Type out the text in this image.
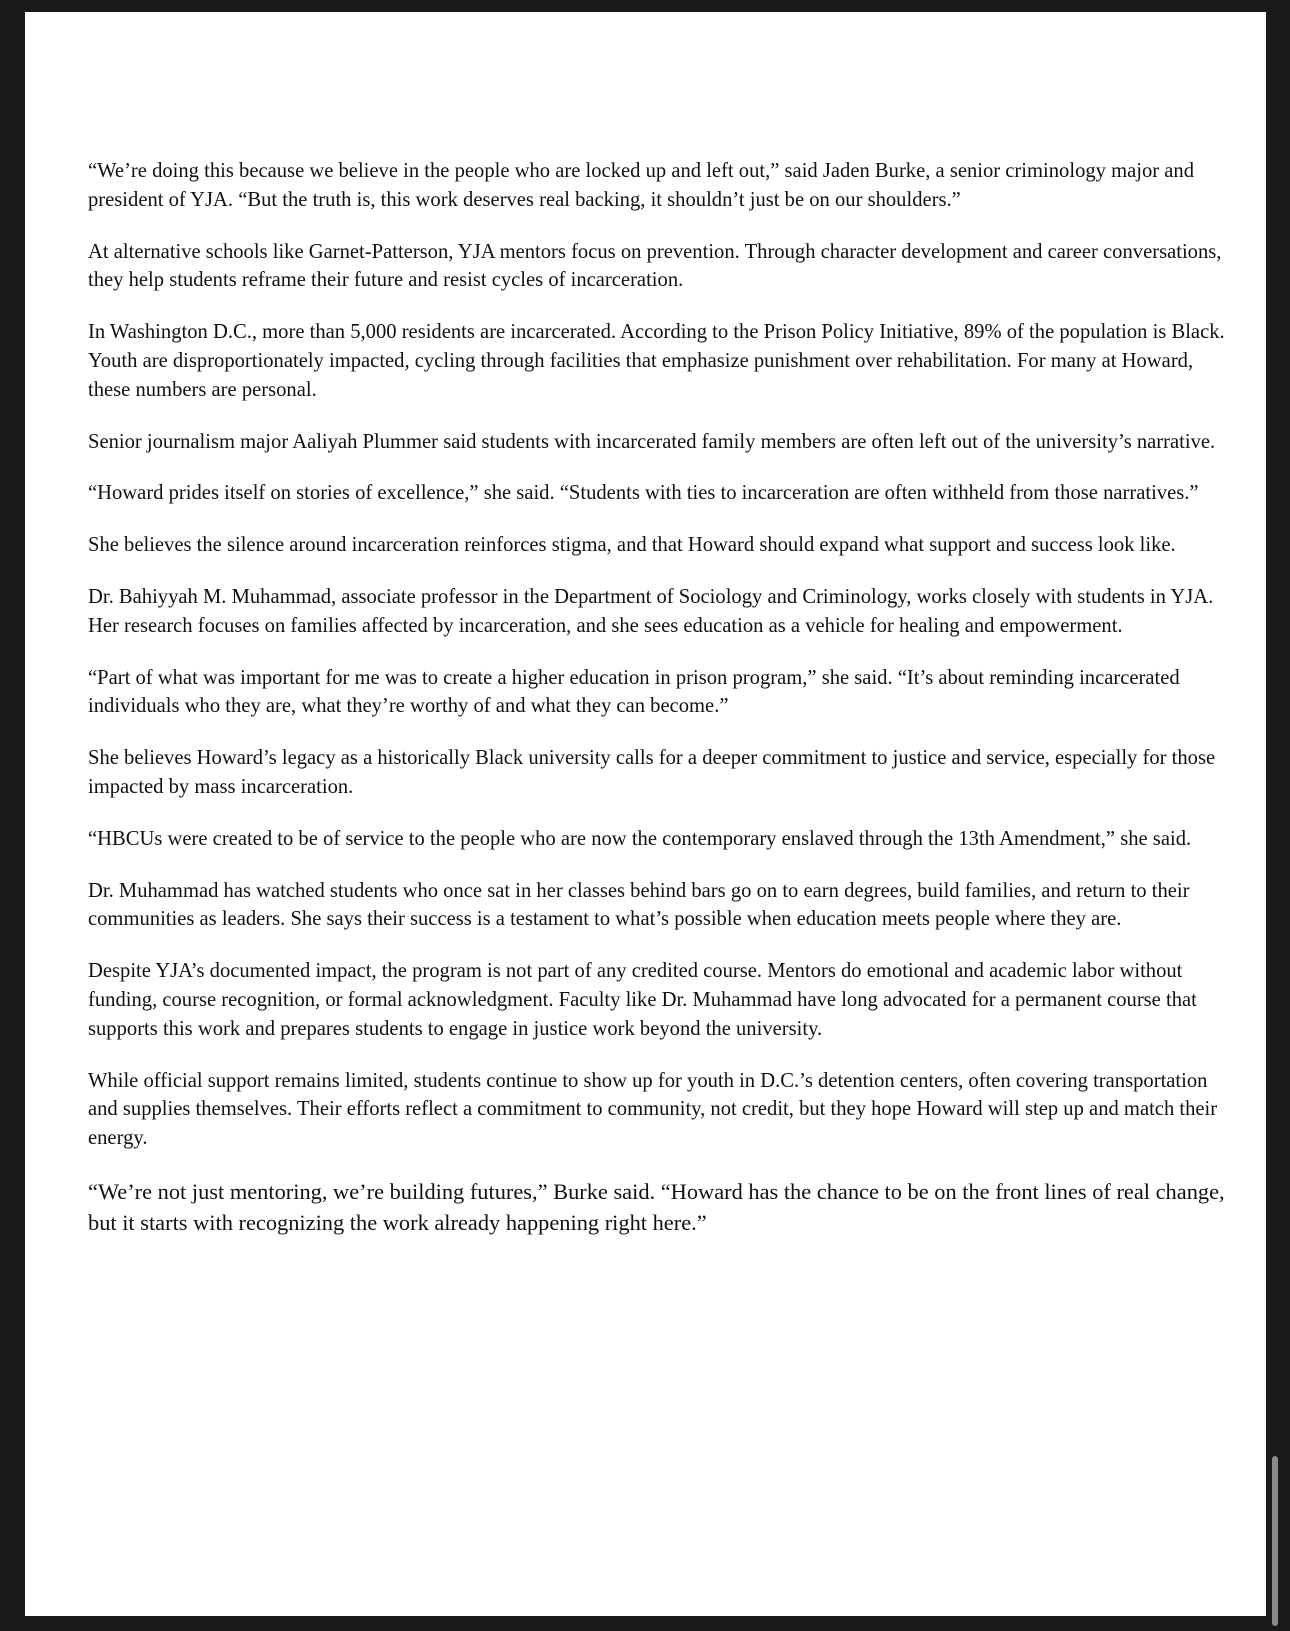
“We’re doing this because we believe in the people who are locked up and left out,” said Jaden Burke, a senior criminology major and president of YJA. “But the truth is, this work deserves real backing, it shouldn’t just be on our shoulders.”

At alternative schools like Garnet-Patterson, YJA mentors focus on prevention. Through character development and career conversations, they help students reframe their future and resist cycles of incarceration.

In Washington D.C., more than 5,000 residents are incarcerated. According to the Prison Policy Initiative, 89% of the population is Black. Youth are disproportionately impacted, cycling through facilities that emphasize punishment over rehabilitation. For many at Howard, these numbers are personal.

Senior journalism major Aaliyah Plummer said students with incarcerated family members are often left out of the university’s narrative.

“Howard prides itself on stories of excellence,” she said. “Students with ties to incarceration are often withheld from those narratives.”

She believes the silence around incarceration reinforces stigma, and that Howard should expand what support and success look like.

Dr. Bahiyyah M. Muhammad, associate professor in the Department of Sociology and Criminology, works closely with students in YJA. Her research focuses on families affected by incarceration, and she sees education as a vehicle for healing and empowerment.

“Part of what was important for me was to create a higher education in prison program,” she said. “It’s about reminding incarcerated individuals who they are, what they’re worthy of and what they can become.”

She believes Howard’s legacy as a historically Black university calls for a deeper commitment to justice and service, especially for those impacted by mass incarceration.

“HBCUs were created to be of service to the people who are now the contemporary enslaved through the 13th Amendment,” she said.

Dr. Muhammad has watched students who once sat in her classes behind bars go on to earn degrees, build families, and return to their communities as leaders. She says their success is a testament to what’s possible when education meets people where they are.

Despite YJA’s documented impact, the program is not part of any credited course. Mentors do emotional and academic labor without funding, course recognition, or formal acknowledgment. Faculty like Dr. Muhammad have long advocated for a permanent course that supports this work and prepares students to engage in justice work beyond the university.

While official support remains limited, students continue to show up for youth in D.C.’s detention centers, often covering transportation and supplies themselves. Their efforts reflect a commitment to community, not credit, but they hope Howard will step up and match their energy.

“We’re not just mentoring, we’re building futures,” Burke said. “Howard has the chance to be on the front lines of real change, but it starts with recognizing the work already happening right here.”
